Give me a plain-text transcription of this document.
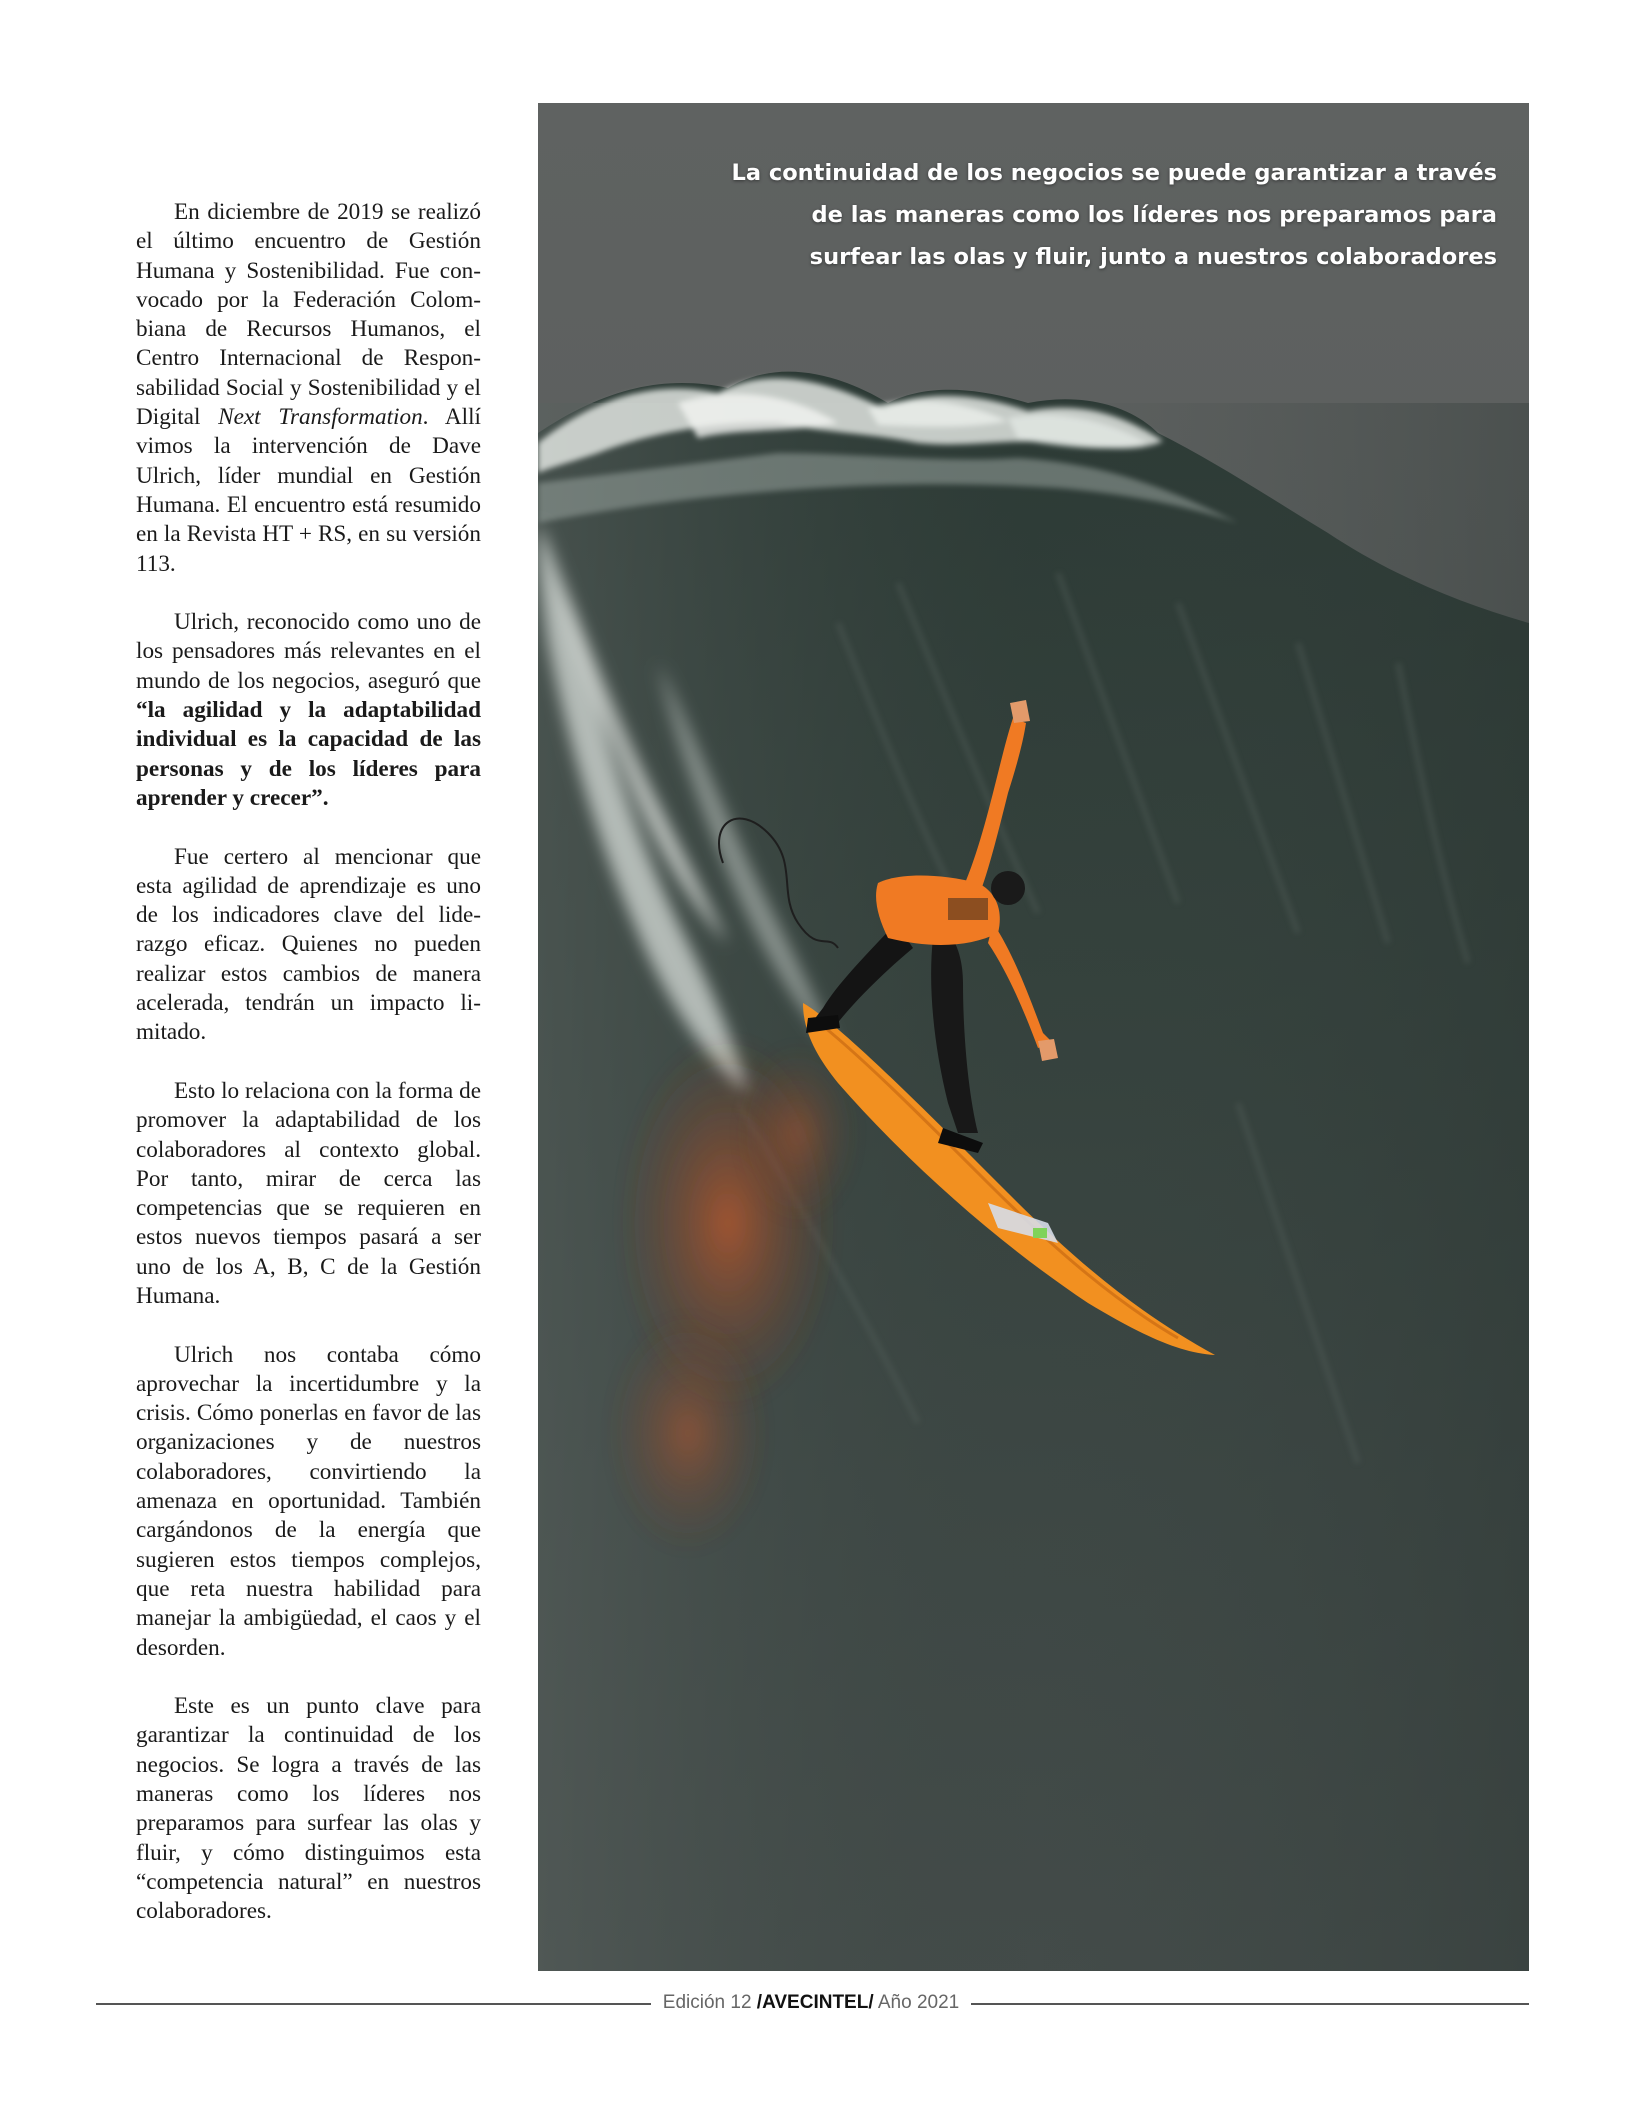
En diciembre de 2019 se realizó el último encuentro de Gestión Humana y Sostenibilidad. Fue convocado por la Federación Colombiana de Recursos Humanos, el Centro Internacional de Responsabilidad Social y Sostenibilidad y el Digital Next Transformation. Allí vimos la intervención de Dave Ulrich, líder mundial en Gestión Humana. El encuentro está resumido en la Revista HT + RS, en su versión 113.

Ulrich, reconocido como uno de los pensadores más relevantes en el mundo de los negocios, aseguró que “la agilidad y la adaptabilidad individual es la capacidad de las personas y de los líderes para aprender y crecer”.

Fue certero al mencionar que esta agilidad de aprendizaje es uno de los indicadores clave del liderazgo eficaz. Quienes no pueden realizar estos cambios de manera acelerada, tendrán un impacto limitado.

Esto lo relaciona con la forma de promover la adaptabilidad de los colaboradores al contexto global. Por tanto, mirar de cerca las competencias que se requieren en estos nuevos tiempos pasará a ser uno de los A, B, C de la Gestión Humana.

Ulrich nos contaba cómo aprovechar la incertidumbre y la crisis. Cómo ponerlas en favor de las organizaciones y de nuestros colaboradores, convirtiendo la amenaza en oportunidad. También cargándonos de la energía que sugieren estos tiempos complejos, que reta nuestra habilidad para manejar la ambigüedad, el caos y el desorden.

Este es un punto clave para garantizar la continuidad de los negocios. Se logra a través de las maneras como los líderes nos preparamos para surfear las olas y fluir, y cómo distinguimos esta “competencia natural” en nuestros colaboradores.

La continuidad de los negocios se puede garantizar a través
de las maneras como los líderes nos preparamos para
surfear las olas y fluir, junto a nuestros colaboradores
Edición 12 /AVECINTEL/ Año 2021
